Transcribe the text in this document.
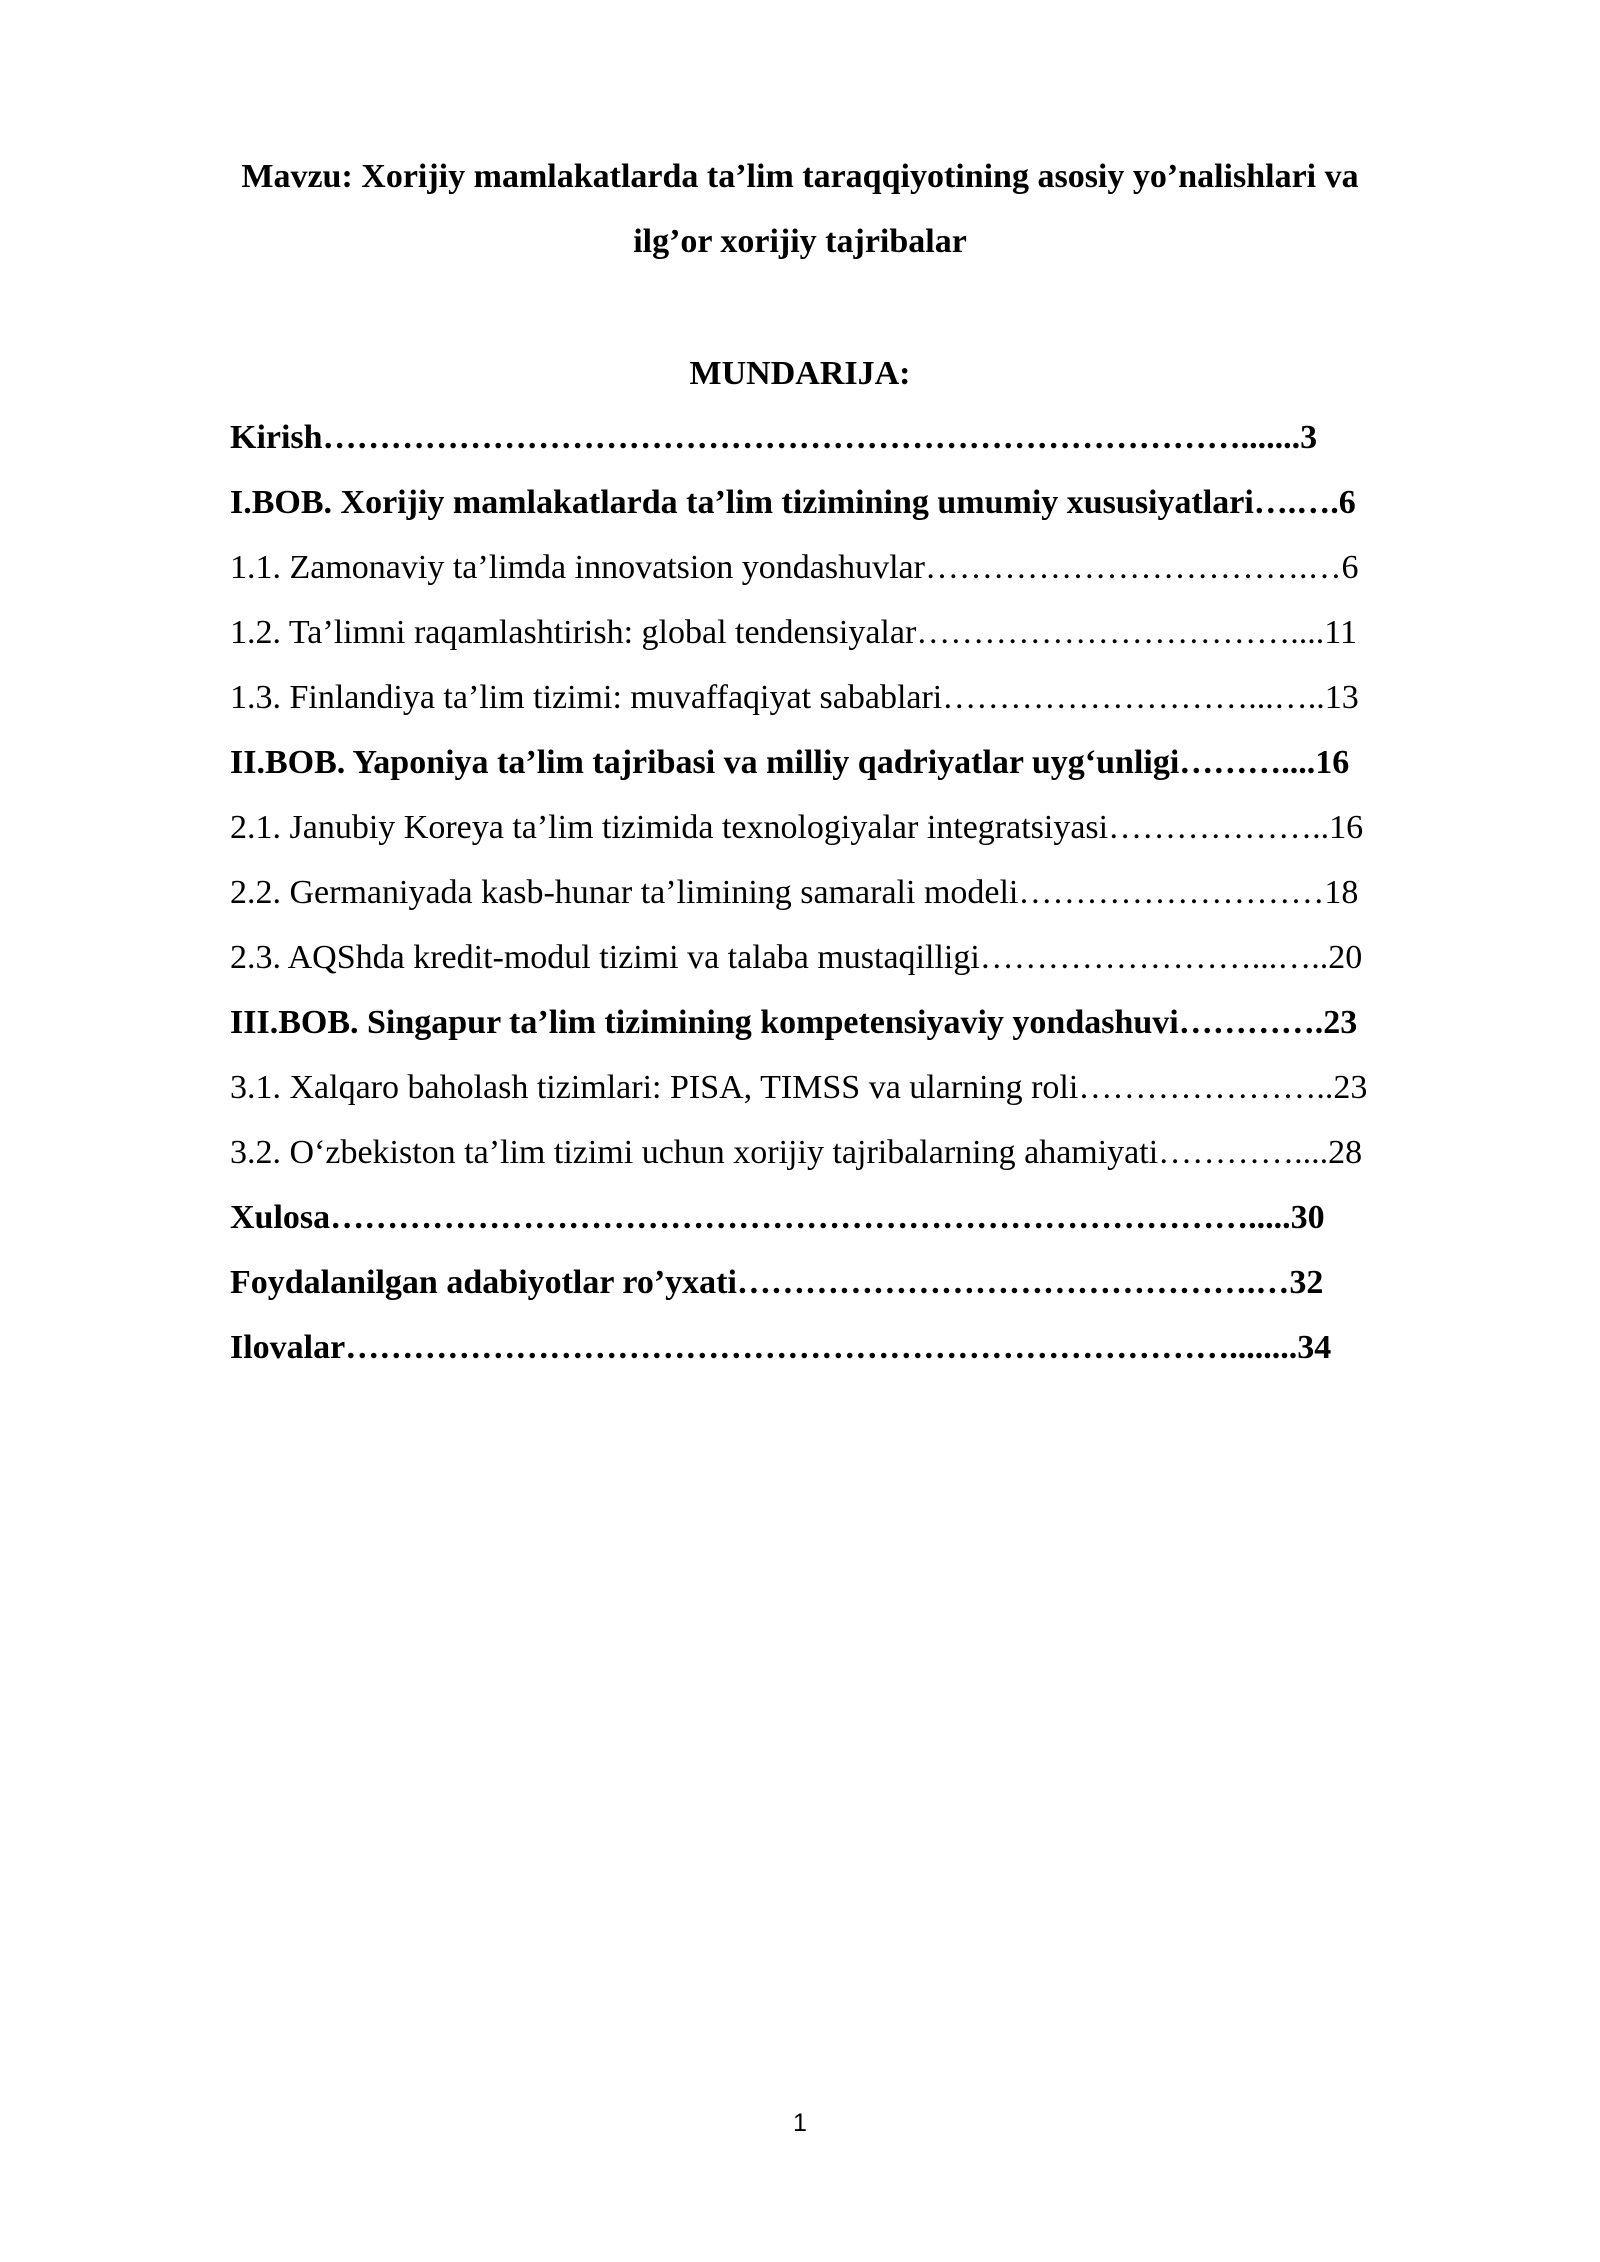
Mavzu: Xorijiy mamlakatlarda ta’lim taraqqiyotining asosiy yo’nalishlari va
ilg’or xorijiy tajribalar
MUNDARIJA:
Kirish……………………………………………………………………….......3
I.BOB. Xorijiy mamlakatlarda ta’lim tizimining umumiy xususiyatlari….….6
1.1. Zamonaviy ta’limda innovatsion yondashuvlar…………………………….…6
1.2. Ta’limni raqamlashtirish: global tendensiyalar……………………………....11
1.3. Finlandiya ta’lim tizimi: muvaffaqiyat sabablari………………………...…..13
II.BOB. Yaponiya ta’lim tajribasi va milliy qadriyatlar uyg‘unligi………....16
2.1. Janubiy Koreya ta’lim tizimida texnologiyalar integratsiyasi………………..16
2.2. Germaniyada kasb-hunar ta’limining samarali modeli………………………18
2.3. AQShda kredit-modul tizimi va talaba mustaqilligi……………………...…..20
III.BOB. Singapur ta’lim tizimining kompetensiyaviy yondashuvi………….23
3.1. Xalqaro baholash tizimlari: PISA, TIMSS va ularning roli…………………..23
3.2. O‘zbekiston ta’lim tizimi uchun xorijiy tajribalarning ahamiyati…………....28
Xulosa……………………………………………………………………….....30
Foydalanilgan adabiyotlar ro’yxati……………………………………….…32
Ilovalar……………………………………………………………………........34
1
